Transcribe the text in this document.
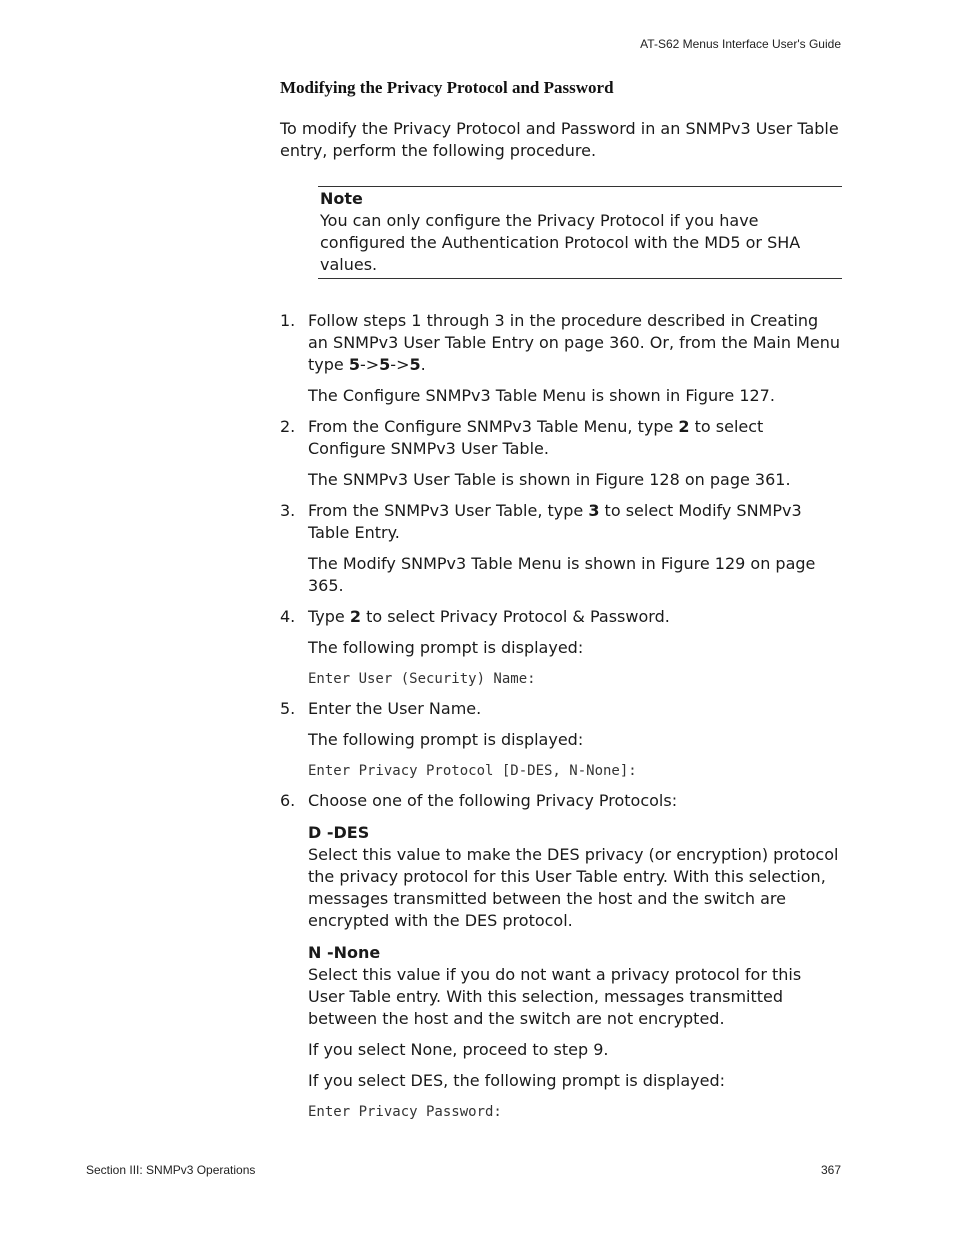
AT-S62 Menus Interface User's Guide
Modifying the Privacy Protocol and Password

To modify the Privacy Protocol and Password in an SNMPv3 User Table entry, perform the following procedure.

Note
You can only configure the Privacy Protocol if you have configured the Authentication Protocol with the MD5 or SHA values.
1. Follow steps 1 through 3 in the procedure described in Creating an SNMPv3 User Table Entry on page 360. Or, from the Main Menu type 5->5->5.
The Configure SNMPv3 Table Menu is shown in Figure 127.
2. From the Configure SNMPv3 Table Menu, type 2 to select Configure SNMPv3 User Table.
The SNMPv3 User Table is shown in Figure 128 on page 361.
3. From the SNMPv3 User Table, type 3 to select Modify SNMPv3 Table Entry.
The Modify SNMPv3 Table Menu is shown in Figure 129 on page 365.
4. Type 2 to select Privacy Protocol & Password.
The following prompt is displayed:
Enter User (Security) Name:
5. Enter the User Name.
The following prompt is displayed:
Enter Privacy Protocol [D-DES, N-None]:
6. Choose one of the following Privacy Protocols:
D -DES
Select this value to make the DES privacy (or encryption) protocol the privacy protocol for this User Table entry. With this selection, messages transmitted between the host and the switch are encrypted with the DES protocol.
N -None
Select this value if you do not want a privacy protocol for this User Table entry. With this selection, messages transmitted between the host and the switch are not encrypted.
If you select None, proceed to step 9.
If you select DES, the following prompt is displayed:
Enter Privacy Password:
Section III: SNMPv3 Operations	367
